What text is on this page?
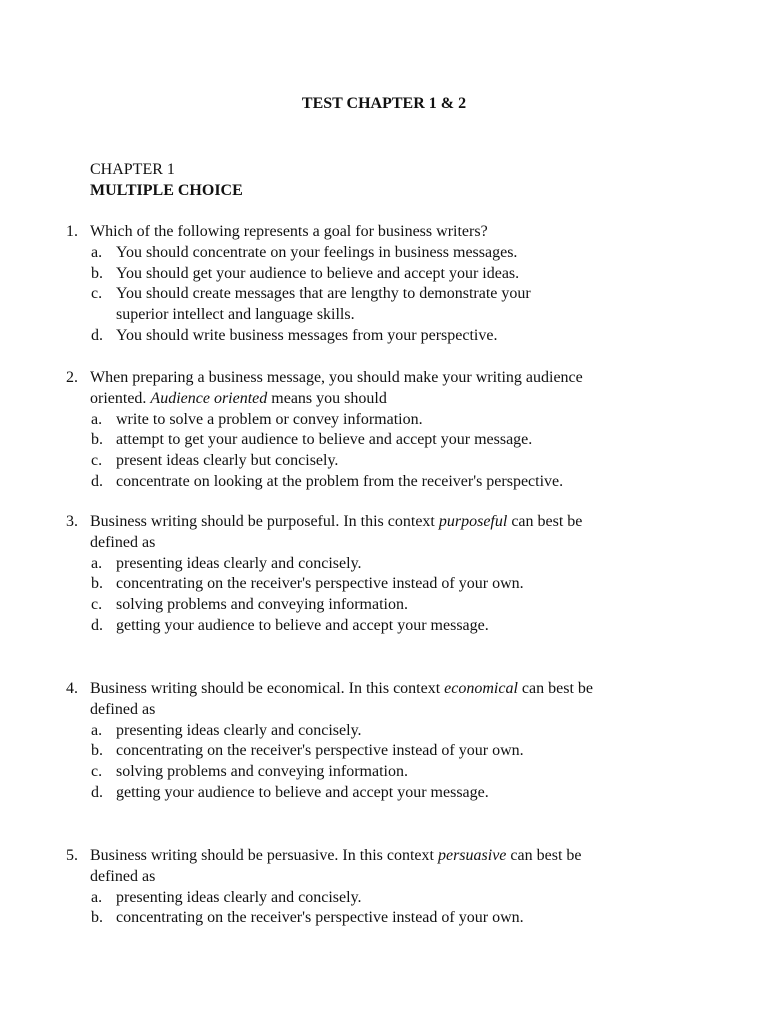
TEST CHAPTER 1 & 2
CHAPTER 1
MULTIPLE CHOICE
1. Which of the following represents a goal for business writers?
a. You should concentrate on your feelings in business messages.
b. You should get your audience to believe and accept your ideas.
c. You should create messages that are lengthy to demonstrate your
superior intellect and language skills.
d. You should write business messages from your perspective.
2. When preparing a business message, you should make your writing audience
oriented. Audience oriented means you should
a. write to solve a problem or convey information.
b. attempt to get your audience to believe and accept your message.
c. present ideas clearly but concisely.
d. concentrate on looking at the problem from the receiver's perspective.
3. Business writing should be purposeful. In this context purposeful can best be
defined as
a. presenting ideas clearly and concisely.
b. concentrating on the receiver's perspective instead of your own.
c. solving problems and conveying information.
d. getting your audience to believe and accept your message.
4. Business writing should be economical. In this context economical can best be
defined as
a. presenting ideas clearly and concisely.
b. concentrating on the receiver's perspective instead of your own.
c. solving problems and conveying information.
d. getting your audience to believe and accept your message.
5. Business writing should be persuasive. In this context persuasive can best be
defined as
a. presenting ideas clearly and concisely.
b. concentrating on the receiver's perspective instead of your own.
